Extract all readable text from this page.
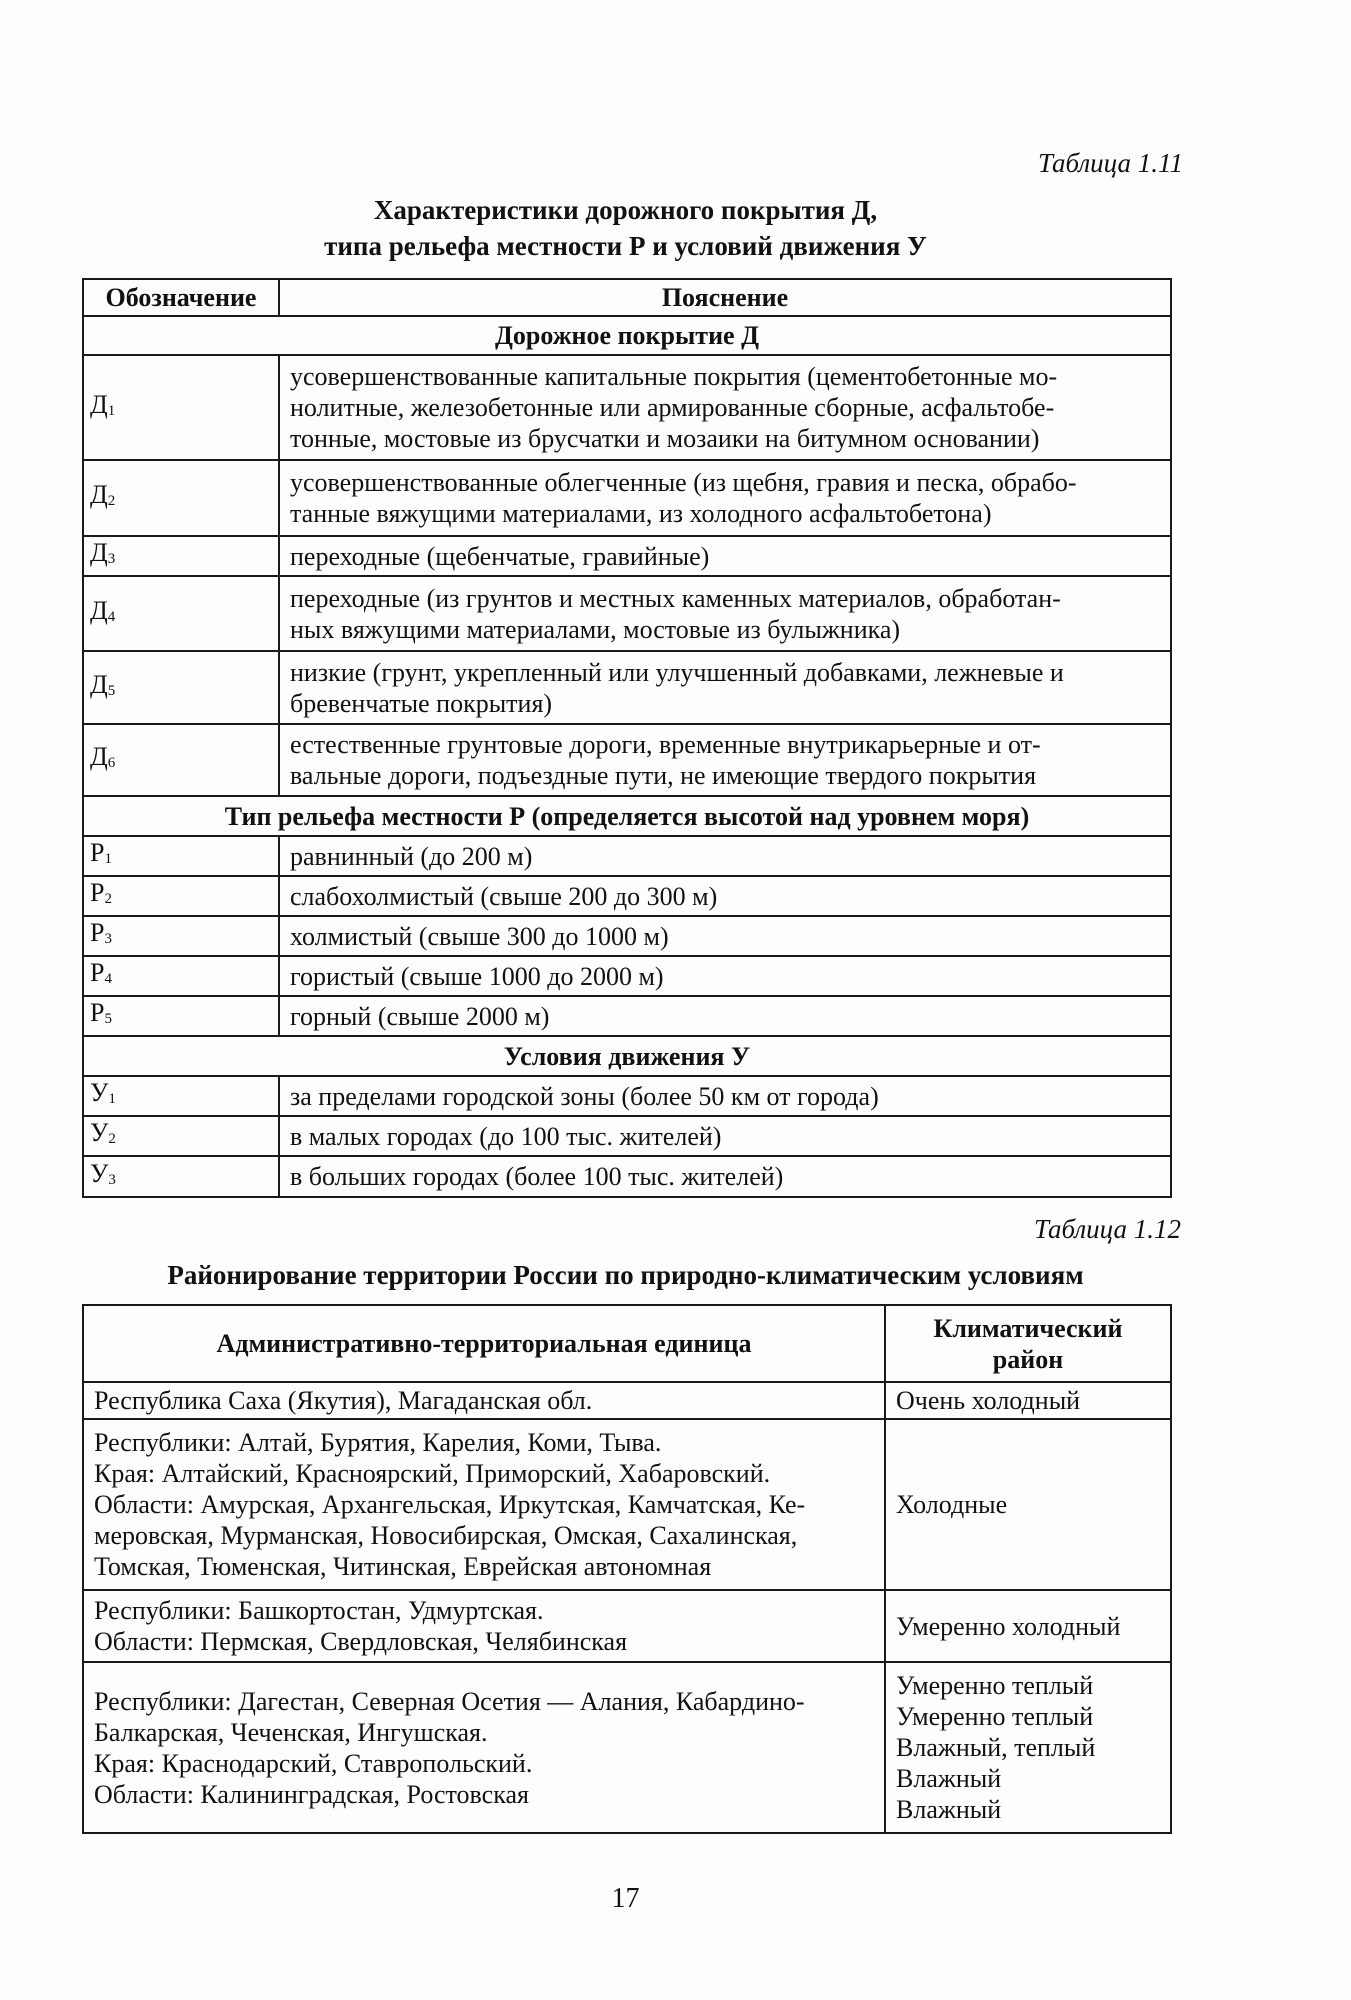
Таблица 1.11
Характеристики дорожного покрытия Д,
типа рельефа местности Р и условий движения У
Обозначение	Пояснение
Дорожное покрытие Д	
$Д_1$	усовершенствованные капитальные покрытия (цементобетонные мо-
нолитные, железобетонные или армированные сборные, асфальтобе-
тонные, мостовые из брусчатки и мозаики на битумном основании)

$Д_2$	усовершенствованные облегченные (из щебня, гравия и песка, обрабо-
танные вяжущими материалами, из холодного асфальтобетона)

$Д_3$	переходные (щебенчатые, гравийные)

$Д_4$	переходные (из грунтов и местных каменных материалов, обработан-
ных вяжущими материалами, мостовые из булыжника)

$Д_5$	низкие (грунт, укрепленный или улучшенный добавками, лежневые и
бревенчатые покрытия)

$Д_6$	естественные грунтовые дороги, временные внутрикарьерные и от-
вальные дороги, подъездные пути, не имеющие твердого покрытия

Тип рельефа местности Р (определяется высотой над уровнем моря)	
$Р_1$	равнинный (до 200 м)
$Р_2$	слабохолмистый (свыше 200 до 300 м)
$Р_3$	холмистый (свыше 300 до 1000 м)
$Р_4$	гористый (свыше 1000 до 2000 м)
$Р_5$	горный (свыше 2000 м)
Условия движения У	
$У_1$	за пределами городской зоны (более 50 км от города)
$У_2$	в малых городах (до 100 тыс. жителей)
$У_3$	в больших городах (более 100 тыс. жителей)
Таблица 1.12
Районирование территории России по природно-климатическим условиям
Административно-территориальная единица	Климатический район

Республика Саха (Якутия), Магаданская обл.	Очень холодный

Республики: Алтай, Бурятия, Карелия, Коми, Тыва.
Края: Алтайский, Красноярский, Приморский, Хабаровский.
Области: Амурская, Архангельская, Иркутская, Камчатская, Ке-
меровская, Мурманская, Новосибирская, Омская, Сахалинская,
Томская, Тюменская, Читинская, Еврейская автономная	Холодные

Республики: Башкортостан, Удмуртская.
Области: Пермская, Свердловская, Челябинская	Умеренно холодный

Республики: Дагестан, Северная Осетия — Алания, Кабардино-
Балкарская, Чеченская, Ингушская.
Края: Краснодарский, Ставропольский.
Области: Калининградская, Ростовская	Умеренно теплый
Умеренно теплый
Влажный, теплый
Влажный
Влажный
17
